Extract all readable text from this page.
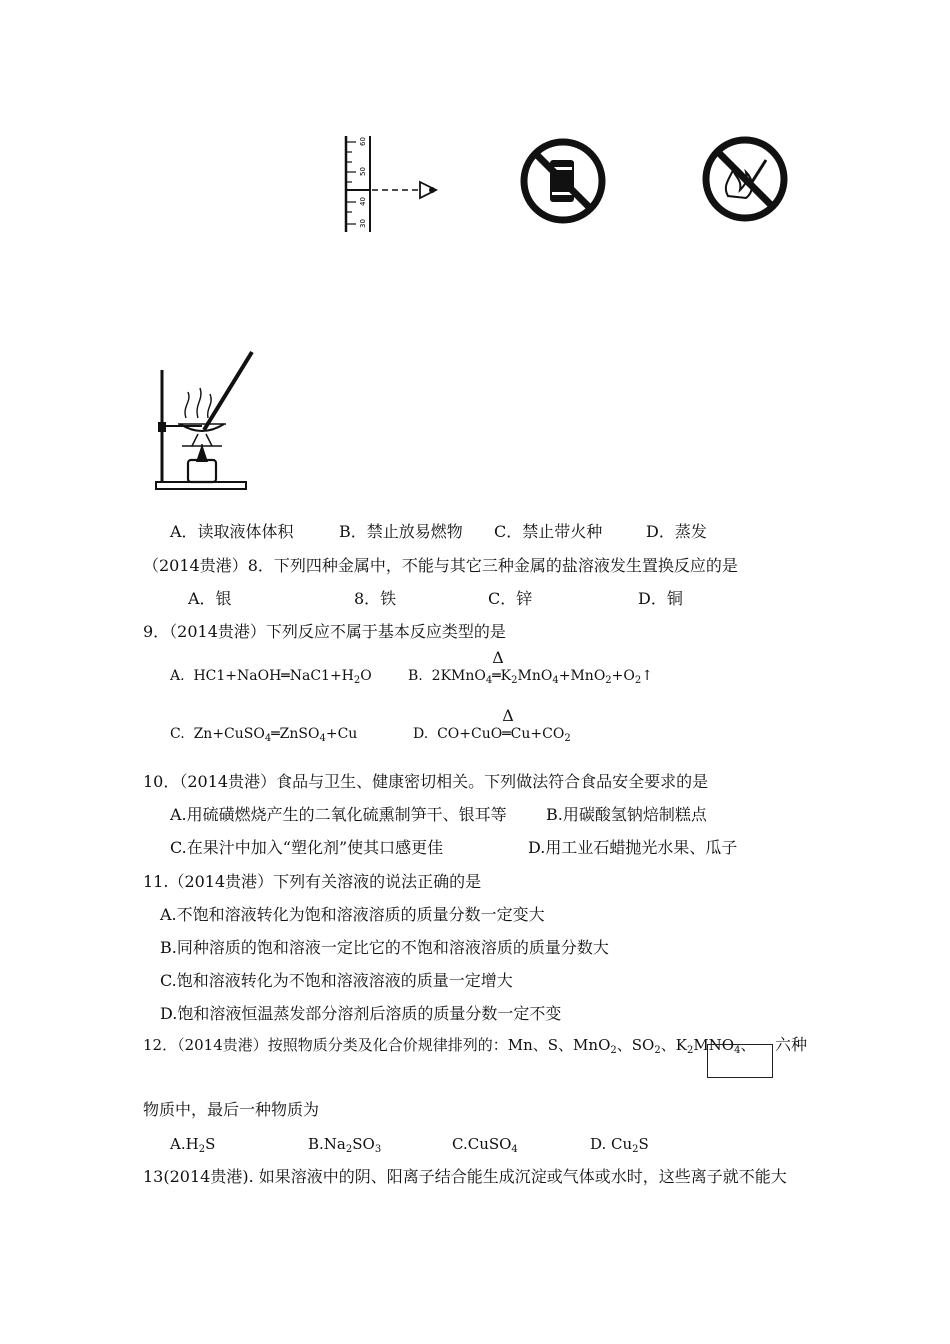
60
50
40
30
A．读取液体体积	B．禁止放易燃物 C．禁止带火种	D．蒸发
（2014贵港）8．下列四种金属中，不能与其它三种金属的盐溶液发生置换反应的是
A．银	8．铁	C．锌	D．铜
9．（2014贵港）下列反应不属于基本反应类型的是
A. $HC1+NaOH═NaC1+H_2O$	B. 2KMnO$_4$
Δ
$═K_2MnO_4+MnO_2+O_2↑$
C. Zn+CuSO$_4$═ZnSO$_4$+Cu	D. CO+CuO
Δ
$═Cu+CO_2$
10．（2014贵港）食品与卫生、健康密切相关。下列做法符合食品安全要求的是
A.用硫磺燃烧产生的二氧化硫熏制笋干、银耳等 B.用碳酸氢钠焙制糕点
C.在果汁中加入“塑化剂”使其口感更佳	D.用工业石蜡抛光水果、瓜子
11.（2014贵港）下列有关溶液的说法正确的是
A.不饱和溶液转化为饱和溶液溶质的质量分数一定变大
B.同种溶质的饱和溶液一定比它的不饱和溶液溶质的质量分数大
C.饱和溶液转化为不饱和溶液溶液的质量一定增大
D.饱和溶液恒温蒸发部分溶剂后溶质的质量分数一定不变
12．（2014贵港）按照物质分类及化合价规律排列的：Mn、S、MnO$_2$、$SO_2$、$K_2MNO_4$、 六种
物质中，最后一种物质为
$A.H_2S$	$B.Na_2SO_3$	C.CuSO$_4$	D. $Cu_2S$
13(2014贵港). 如果溶液中的阴、阳离子结合能生成沉淀或气体或水时，这些离子就不能大
